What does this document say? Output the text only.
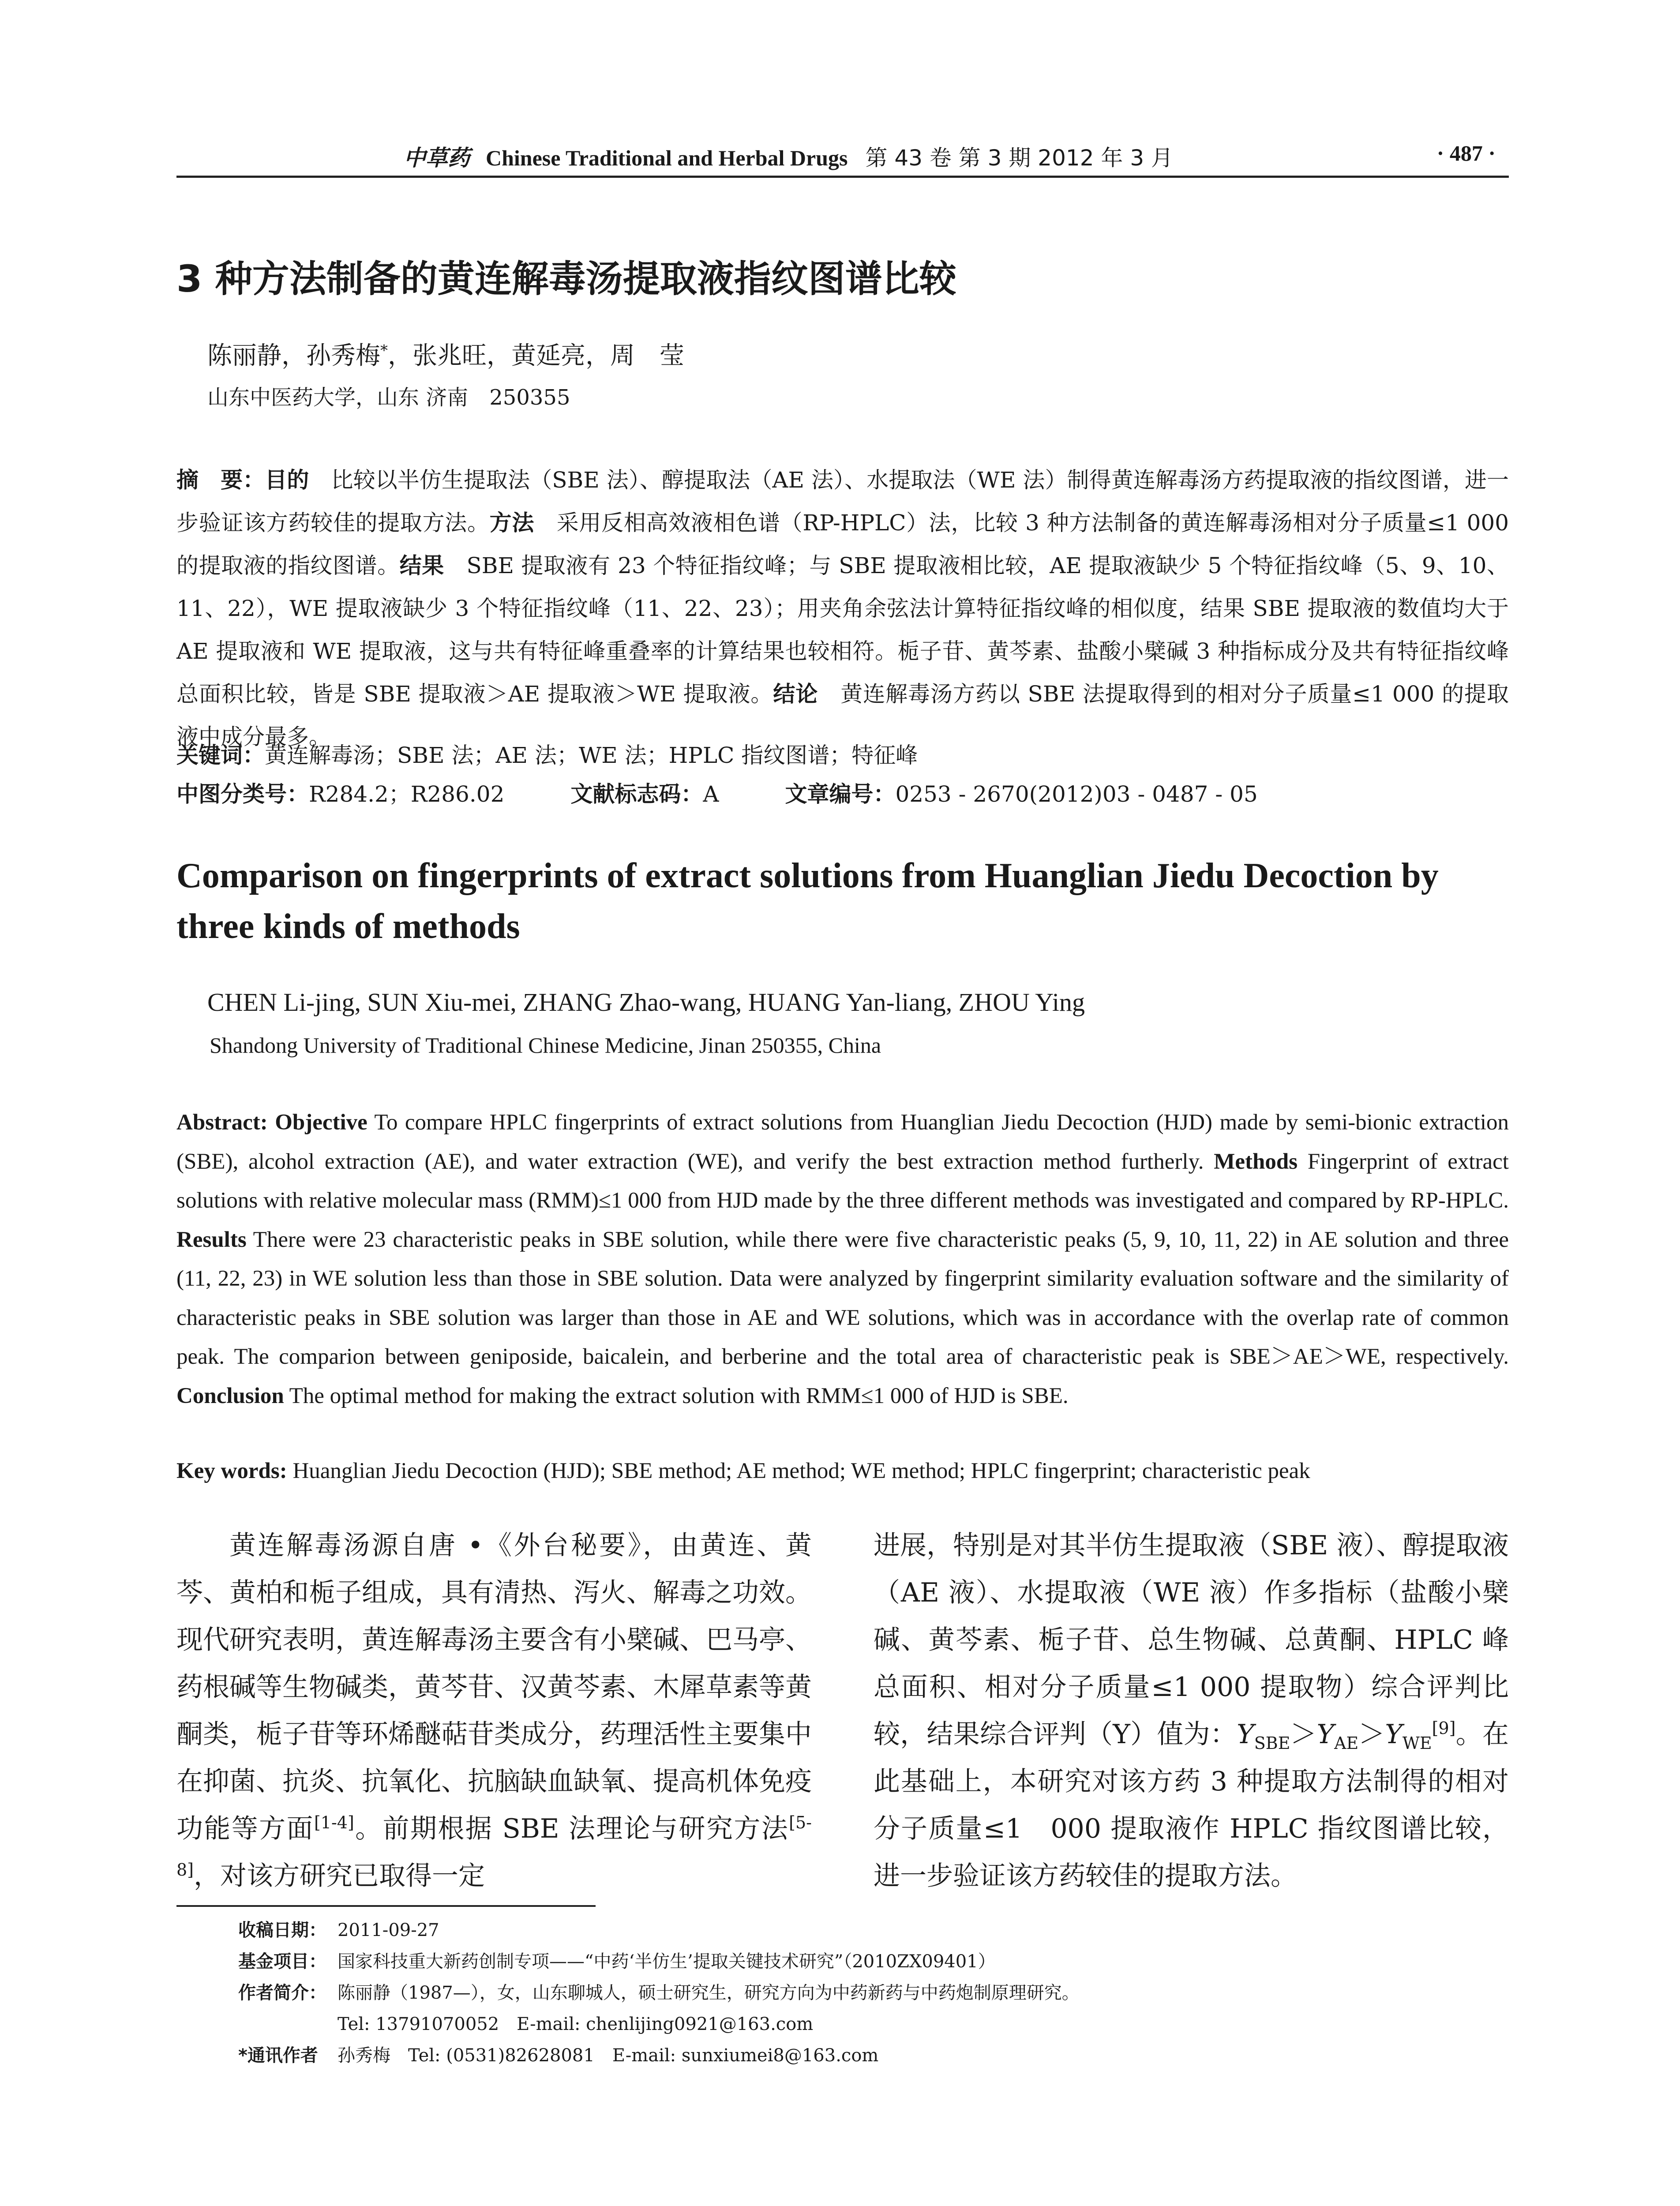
中草药 Chinese Traditional and Herbal Drugs 第 43 卷 第 3 期 2012 年 3 月	· 487 ·
3 种方法制备的黄连解毒汤提取液指纹图谱比较
陈丽静，孙秀梅*，张兆旺，黄延亮，周　莹
山东中医药大学，山东 济南　250355
摘　要：目的　比较以半仿生提取法（SBE 法）、醇提取法（AE 法）、水提取法（WE 法）制得黄连解毒汤方药提取液的指纹图谱，进一步验证该方药较佳的提取方法。方法　采用反相高效液相色谱（RP-HPLC）法，比较 3 种方法制备的黄连解毒汤相对分子质量≤1 000 的提取液的指纹图谱。结果　SBE 提取液有 23 个特征指纹峰；与 SBE 提取液相比较，AE 提取液缺少 5 个特征指纹峰（5、9、10、11、22），WE 提取液缺少 3 个特征指纹峰（11、22、23）；用夹角余弦法计算特征指纹峰的相似度，结果 SBE 提取液的数值均大于 AE 提取液和 WE 提取液，这与共有特征峰重叠率的计算结果也较相符。栀子苷、黄芩素、盐酸小檗碱 3 种指标成分及共有特征指纹峰总面积比较，皆是 SBE 提取液＞AE 提取液＞WE 提取液。结论　黄连解毒汤方药以 SBE 法提取得到的相对分子质量≤1 000 的提取液中成分最多。
关键词：黄连解毒汤；SBE 法；AE 法；WE 法；HPLC 指纹图谱；特征峰
中图分类号：R284.2；R286.02	文献标志码：A	文章编号：0253 - 2670(2012)03 - 0487 - 05
Comparison on fingerprints of extract solutions from Huanglian Jiedu Decoction by three kinds of methods
CHEN Li-jing, SUN Xiu-mei, ZHANG Zhao-wang, HUANG Yan-liang, ZHOU Ying
Shandong University of Traditional Chinese Medicine, Jinan 250355, China
Abstract: Objective To compare HPLC fingerprints of extract solutions from Huanglian Jiedu Decoction (HJD) made by semi-bionic extraction (SBE), alcohol extraction (AE), and water extraction (WE), and verify the best extraction method furtherly. Methods Fingerprint of extract solutions with relative molecular mass (RMM)≤1 000 from HJD made by the three different methods was investigated and compared by RP-HPLC. Results There were 23 characteristic peaks in SBE solution, while there were five characteristic peaks (5, 9, 10, 11, 22) in AE solution and three (11, 22, 23) in WE solution less than those in SBE solution. Data were analyzed by fingerprint similarity evaluation software and the similarity of characteristic peaks in SBE solution was larger than those in AE and WE solutions, which was in accordance with the overlap rate of common peak. The comparion between geniposide, baicalein, and berberine and the total area of characteristic peak is SBE＞AE＞WE, respectively. Conclusion The optimal method for making the extract solution with RMM≤1 000 of HJD is SBE.
Key words: Huanglian Jiedu Decoction (HJD); SBE method; AE method; WE method; HPLC fingerprint; characteristic peak
黄连解毒汤源自唐 •《外台秘要》，由黄连、黄芩、黄柏和栀子组成，具有清热、泻火、解毒之功效。现代研究表明，黄连解毒汤主要含有小檗碱、巴马亭、药根碱等生物碱类，黄芩苷、汉黄芩素、木犀草素等黄酮类，栀子苷等环烯醚萜苷类成分，药理活性主要集中在抑菌、抗炎、抗氧化、抗脑缺血缺氧、提高机体免疫功能等方面[1-4]。前期根据 SBE 法理论与研究方法[5-8]，对该方研究已取得一定
进展，特别是对其半仿生提取液（SBE 液）、醇提取液（AE 液）、水提取液（WE 液）作多指标（盐酸小檗碱、黄芩素、栀子苷、总生物碱、总黄酮、HPLC 峰总面积、相对分子质量≤1 000 提取物）综合评判比较，结果综合评判（Y）值为：$Y_{SBE}>Y_{AE}>Y_{WE}[9]$。在此基础上，本研究对该方药 3 种提取方法制得的相对分子质量≤1　000 提取液作 HPLC 指纹图谱比较，进一步验证该方药较佳的提取方法。
收稿日期： 2011-09-27
基金项目： 国家科技重大新药创制专项——“中药‘半仿生’提取关键技术研究”（2010ZX09401）
作者简介： 陈丽静（1987—），女，山东聊城人，硕士研究生，研究方向为中药新药与中药炮制原理研究。
Tel: 13791070052　E-mail: chenlijing0921@163.com
*通讯作者 孙秀梅　Tel: (0531)82628081　E-mail: sunxiumei8@163.com
